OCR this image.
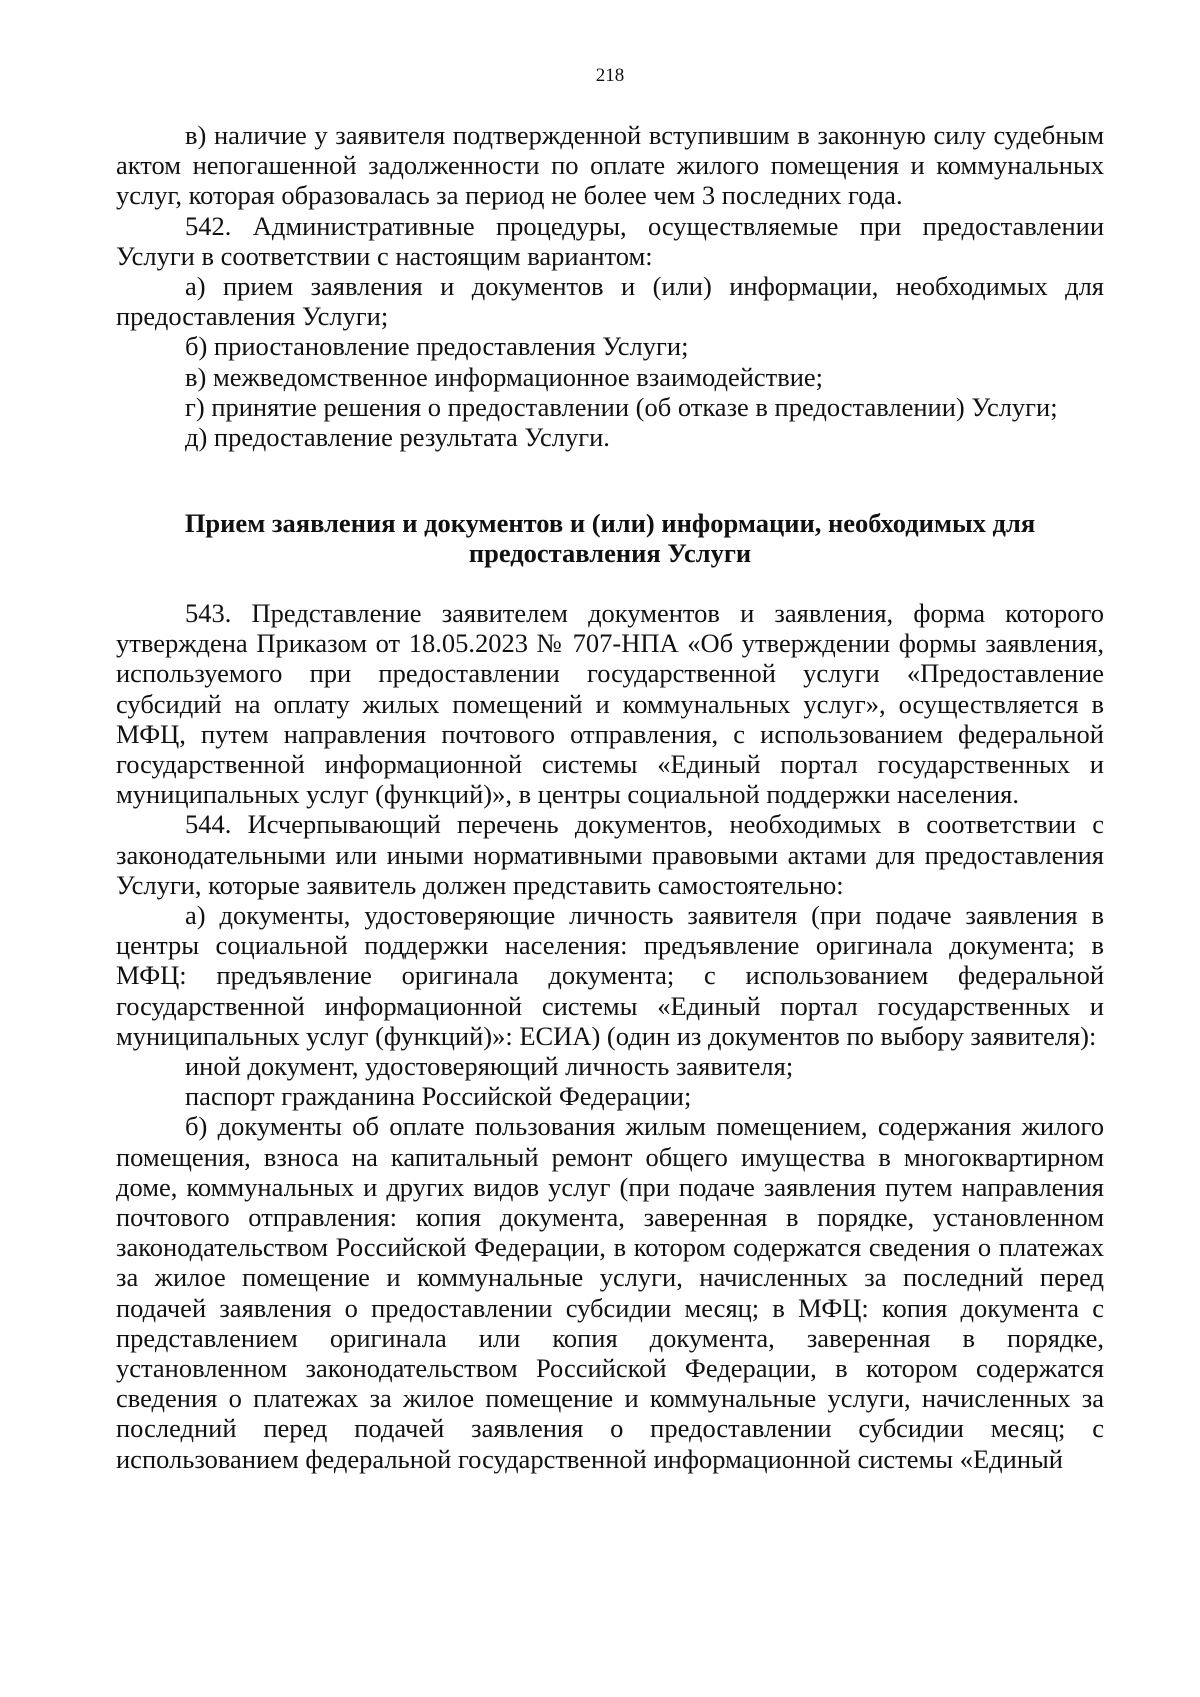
218

в) наличие у заявителя подтвержденной вступившим в законную силу судебным актом непогашенной задолженности по оплате жилого помещения и коммунальных услуг, которая образовалась за период не более чем 3 последних года.

542. Административные процедуры, осуществляемые при предоставлении Услуги в соответствии с настоящим вариантом:

а) прием заявления и документов и (или) информации, необходимых для предоставления Услуги;

б) приостановление предоставления Услуги;

в) межведомственное информационное взаимодействие;

г) принятие решения о предоставлении (об отказе в предоставлении) Услуги;

д) предоставление результата Услуги.

Прием заявления и документов и (или) информации, необходимых для предоставления Услуги

543. Представление заявителем документов и заявления, форма которого утверждена Приказом от 18.05.2023 № 707-НПА «Об утверждении формы заявления, используемого при предоставлении государственной услуги «Предоставление субсидий на оплату жилых помещений и коммунальных услуг», осуществляется в МФЦ, путем направления почтового отправления, с использованием федеральной государственной информационной системы «Единый портал государственных и муниципальных услуг (функций)», в центры социальной поддержки населения.

544. Исчерпывающий перечень документов, необходимых в соответствии с законодательными или иными нормативными правовыми актами для предоставления Услуги, которые заявитель должен представить самостоятельно:

а) документы, удостоверяющие личность заявителя (при подаче заявления в центры социальной поддержки населения: предъявление оригинала документа; в МФЦ: предъявление оригинала документа; с использованием федеральной государственной информационной системы «Единый портал государственных и муниципальных услуг (функций)»: ЕСИА) (один из документов по выбору заявителя):

иной документ, удостоверяющий личность заявителя;

паспорт гражданина Российской Федерации;

б) документы об оплате пользования жилым помещением, содержания жилого помещения, взноса на капитальный ремонт общего имущества в многоквартирном доме, коммунальных и других видов услуг (при подаче заявления путем направления почтового отправления: копия документа, заверенная в порядке, установленном законодательством Российской Федерации, в котором содержатся сведения о платежах за жилое помещение и коммунальные услуги, начисленных за последний перед подачей заявления о предоставлении субсидии месяц; в МФЦ: копия документа с представлением оригинала или копия документа, заверенная в порядке, установленном законодательством Российской Федерации, в котором содержатся сведения о платежах за жилое помещение и коммунальные услуги, начисленных за последний перед подачей заявления о предоставлении субсидии месяц; с использованием федеральной государственной информационной системы «Единый
